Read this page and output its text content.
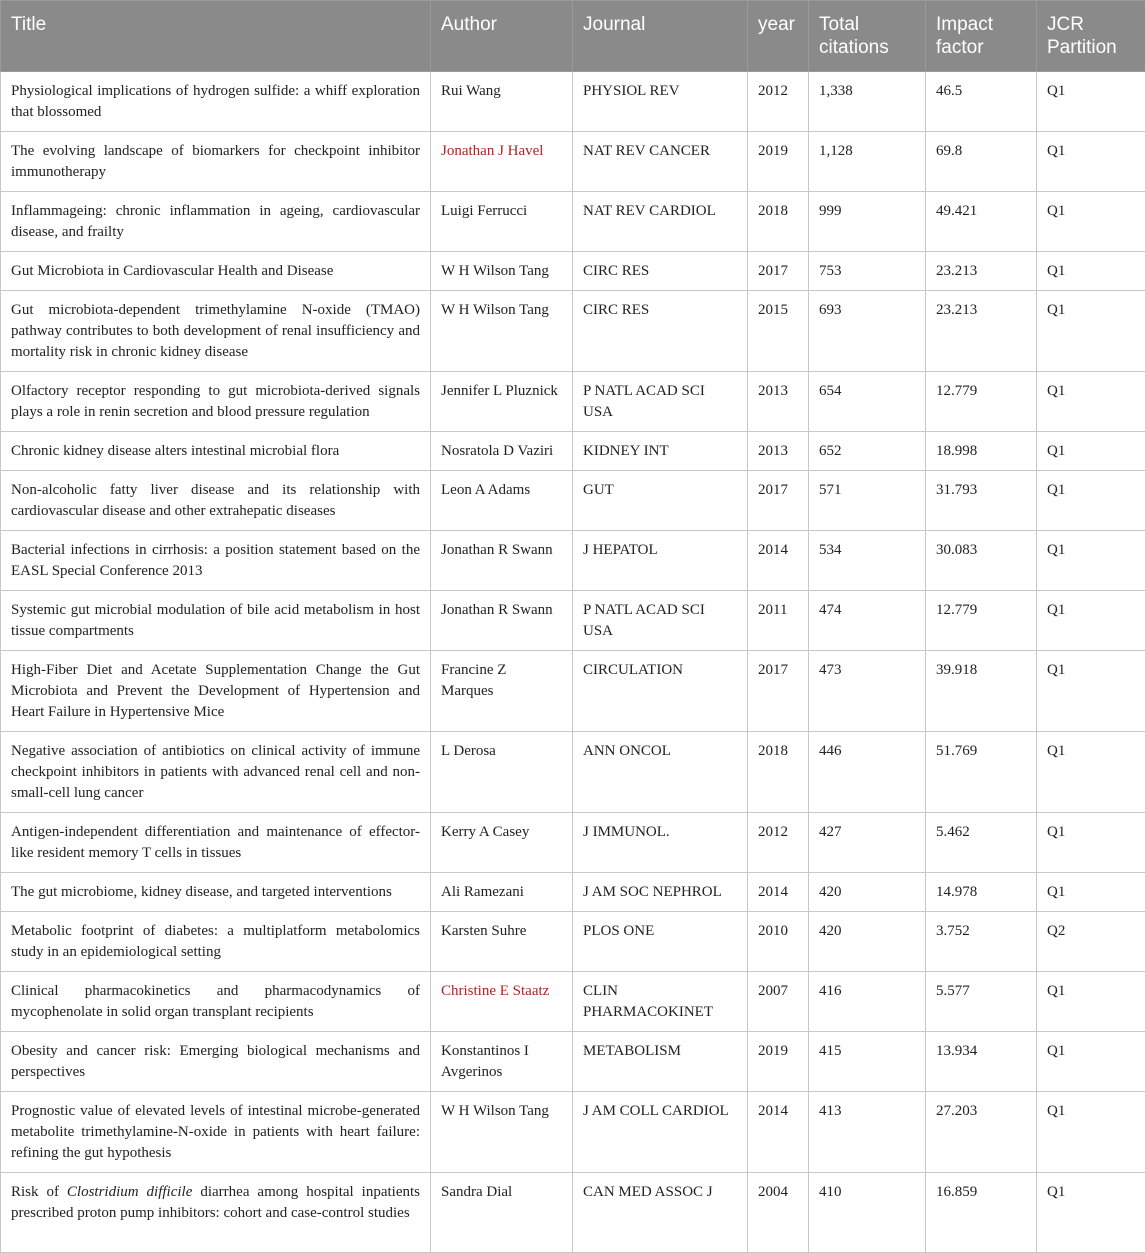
Title	Author	Journal	year	Total citations	Impact factor	JCR Partition
Physiological implications of hydrogen sulfide: a whiff exploration that blossomed	Rui Wang	PHYSIOL REV	2012	1,338	46.5	Q1
The evolving landscape of biomarkers for checkpoint inhibitor immunotherapy	Jonathan J Havel	NAT REV CANCER	2019	1,128	69.8	Q1
Inflammageing: chronic inflammation in ageing, cardiovascular disease, and frailty	Luigi Ferrucci	NAT REV CARDIOL	2018	999	49.421	Q1
Gut Microbiota in Cardiovascular Health and Disease	W H Wilson Tang	CIRC RES	2017	753	23.213	Q1
Gut microbiota-dependent trimethylamine N-oxide (TMAO) pathway contributes to both development of renal insufficiency and mortality risk in chronic kidney disease	W H Wilson Tang	CIRC RES	2015	693	23.213	Q1
Olfactory receptor responding to gut microbiota-derived signals plays a role in renin secretion and blood pressure regulation	Jennifer L Pluznick	P NATL ACAD SCI USA	2013	654	12.779	Q1
Chronic kidney disease alters intestinal microbial flora	Nosratola D Vaziri	KIDNEY INT	2013	652	18.998	Q1
Non-alcoholic fatty liver disease and its relationship with cardiovascular disease and other extrahepatic diseases	Leon A Adams	GUT	2017	571	31.793	Q1
Bacterial infections in cirrhosis: a position statement based on the EASL Special Conference 2013	Jonathan R Swann	J HEPATOL	2014	534	30.083	Q1
Systemic gut microbial modulation of bile acid metabolism in host tissue compartments	Jonathan R Swann	P NATL ACAD SCI USA	2011	474	12.779	Q1
High-Fiber Diet and Acetate Supplementation Change the Gut Microbiota and Prevent the Development of Hypertension and Heart Failure in Hypertensive Mice	Francine Z Marques	CIRCULATION	2017	473	39.918	Q1
Negative association of antibiotics on clinical activity of immune checkpoint inhibitors in patients with advanced renal cell and non-small-cell lung cancer	L Derosa	ANN ONCOL	2018	446	51.769	Q1
Antigen-independent differentiation and maintenance of effector-like resident memory T cells in tissues	Kerry A Casey	J IMMUNOL.	2012	427	5.462	Q1
The gut microbiome, kidney disease, and targeted interventions	Ali Ramezani	J AM SOC NEPHROL	2014	420	14.978	Q1
Metabolic footprint of diabetes: a multiplatform metabolomics study in an epidemiological setting	Karsten Suhre	PLOS ONE	2010	420	3.752	Q2
Clinical pharmacokinetics and pharmacodynamics of mycophenolate in solid organ transplant recipients	Christine E Staatz	CLIN PHARMACOKINET	2007	416	5.577	Q1
Obesity and cancer risk: Emerging biological mechanisms and perspectives	Konstantinos I Avgerinos	METABOLISM	2019	415	13.934	Q1
Prognostic value of elevated levels of intestinal microbe-generated metabolite trimethylamine-N-oxide in patients with heart failure: refining the gut hypothesis	W H Wilson Tang	J AM COLL CARDIOL	2014	413	27.203	Q1
Risk of Clostridium difficile diarrhea among hospital inpatients prescribed proton pump inhibitors: cohort and case-control studies	Sandra Dial	CAN MED ASSOC J	2004	410	16.859	Q1
